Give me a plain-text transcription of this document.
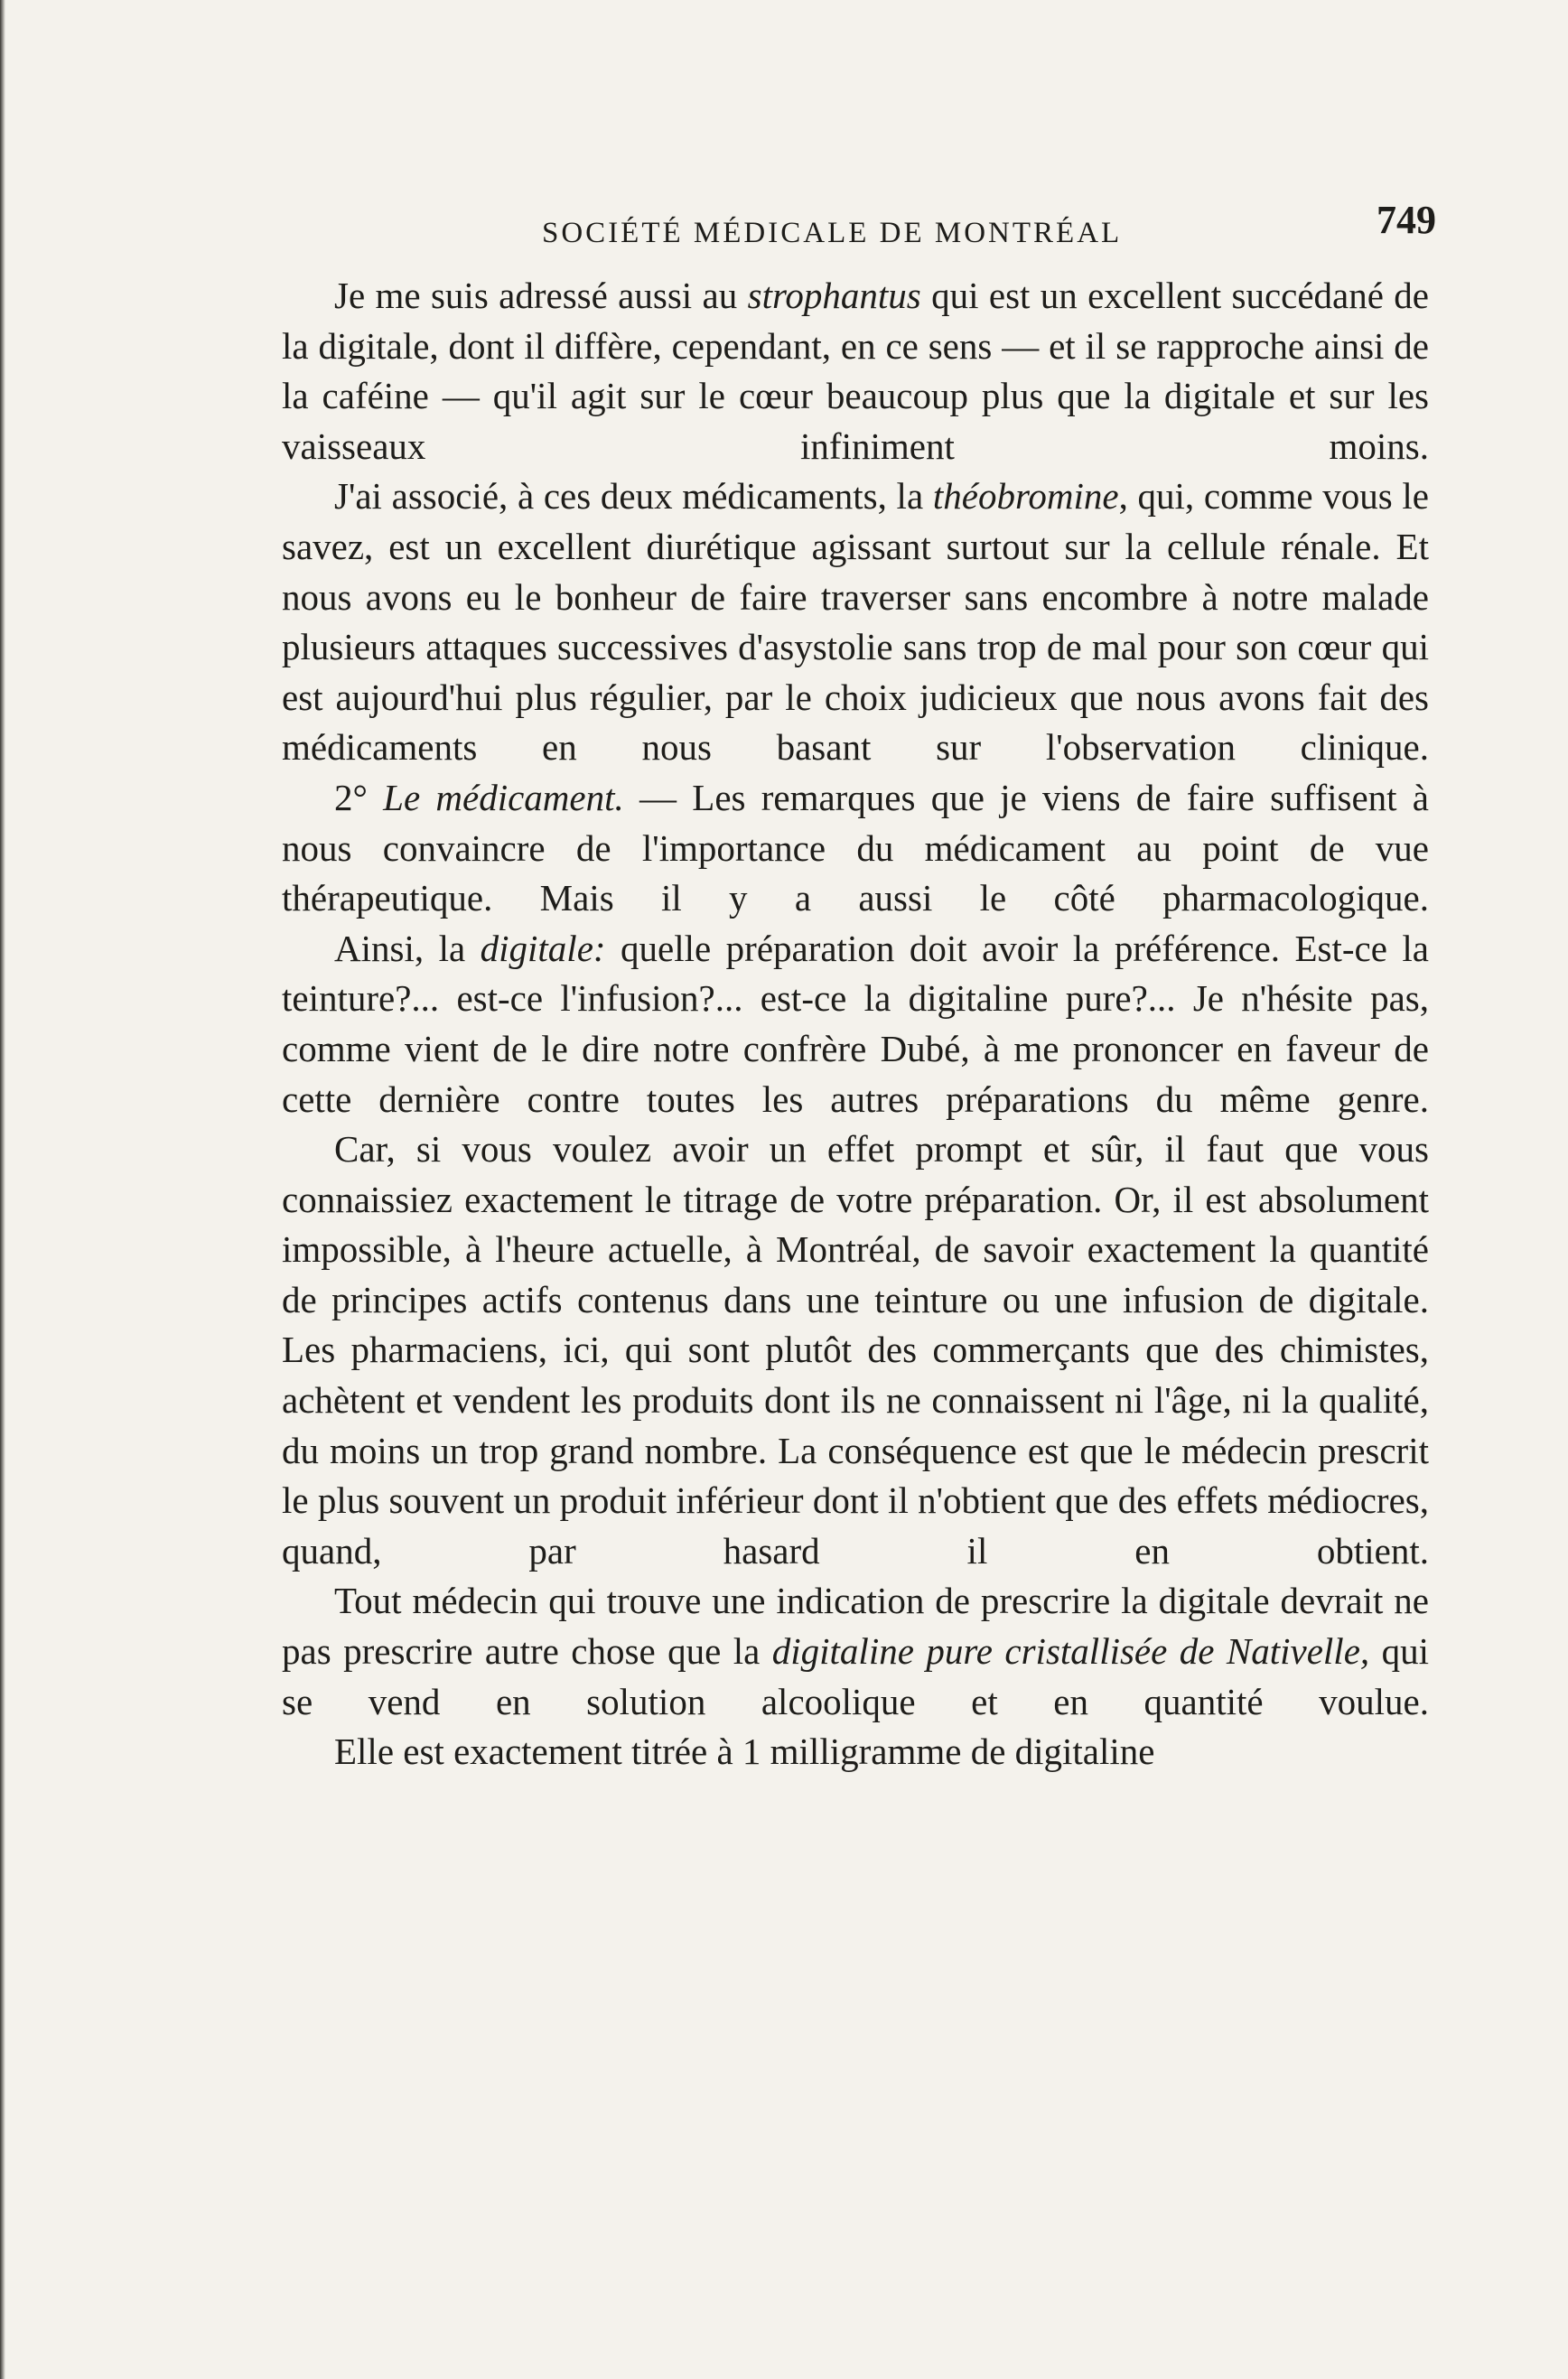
SOCIÉTÉ MÉDICALE DE MONTRÉAL	749

Je me suis adressé aussi au strophantus qui est un excellent succédané de la digitale, dont il diffère, cependant, en ce sens — et il se rapproche ainsi de la caféine — qu'il agit sur le cœur beaucoup plus que la digitale et sur les vaisseaux infiniment moins.

J'ai associé, à ces deux médicaments, la théobromine, qui, comme vous le savez, est un excellent diurétique agissant surtout sur la cellule rénale. Et nous avons eu le bonheur de faire traverser sans encombre à notre malade plusieurs attaques successives d'asystolie sans trop de mal pour son cœur qui est aujourd'hui plus régulier, par le choix judicieux que nous avons fait des médicaments en nous basant sur l'observation clinique.

2° Le médicament. — Les remarques que je viens de faire suffisent à nous convaincre de l'importance du médicament au point de vue thérapeutique. Mais il y a aussi le côté pharmacologique.

Ainsi, la digitale: quelle préparation doit avoir la préférence. Est-ce la teinture?... est-ce l'infusion?... est-ce la digitaline pure?... Je n'hésite pas, comme vient de le dire notre confrère Dubé, à me prononcer en faveur de cette dernière contre toutes les autres préparations du même genre.

Car, si vous voulez avoir un effet prompt et sûr, il faut que vous connaissiez exactement le titrage de votre préparation. Or, il est absolument impossible, à l'heure actuelle, à Montréal, de savoir exactement la quantité de principes actifs contenus dans une teinture ou une infusion de digitale. Les pharmaciens, ici, qui sont plutôt des commerçants que des chimistes, achètent et vendent les produits dont ils ne connaissent ni l'âge, ni la qualité, du moins un trop grand nombre. La conséquence est que le médecin prescrit le plus souvent un produit inférieur dont il n'obtient que des effets médiocres, quand, par hasard il en obtient.

Tout médecin qui trouve une indication de prescrire la digitale devrait ne pas prescrire autre chose que la digitaline pure cristallisée de Nativelle, qui se vend en solution alcoolique et en quantité voulue.

Elle est exactement titrée à 1 milligramme de digitaline
